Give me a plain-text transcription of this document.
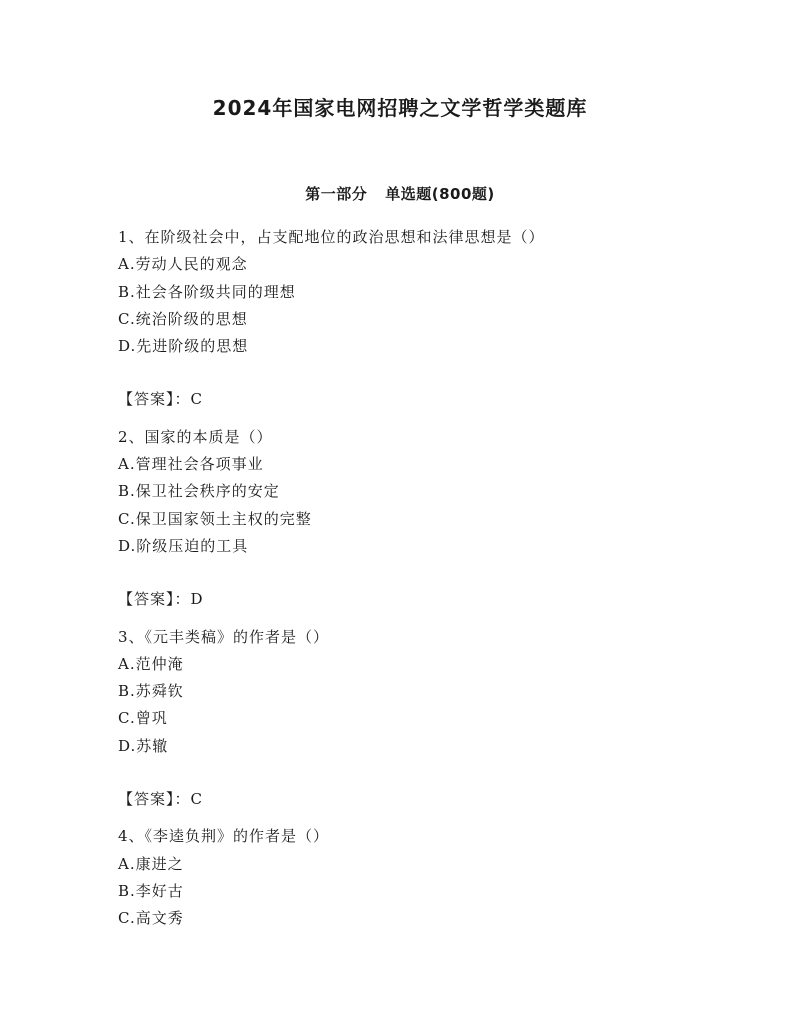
2024年国家电网招聘之文学哲学类题库
第一部分 单选题(800题)
1、在阶级社会中，占支配地位的政治思想和法律思想是（）
A.劳动人民的观念
B.社会各阶级共同的理想
C.统治阶级的思想
D.先进阶级的思想
【答案】：C
2、国家的本质是（）
A.管理社会各项事业
B.保卫社会秩序的安定
C.保卫国家领土主权的完整
D.阶级压迫的工具
【答案】：D
3、《元丰类稿》的作者是（）
A.范仲淹
B.苏舜钦
C.曾巩
D.苏辙
【答案】：C
4、《李逵负荆》的作者是（）
A.康进之
B.李好古
C.高文秀
